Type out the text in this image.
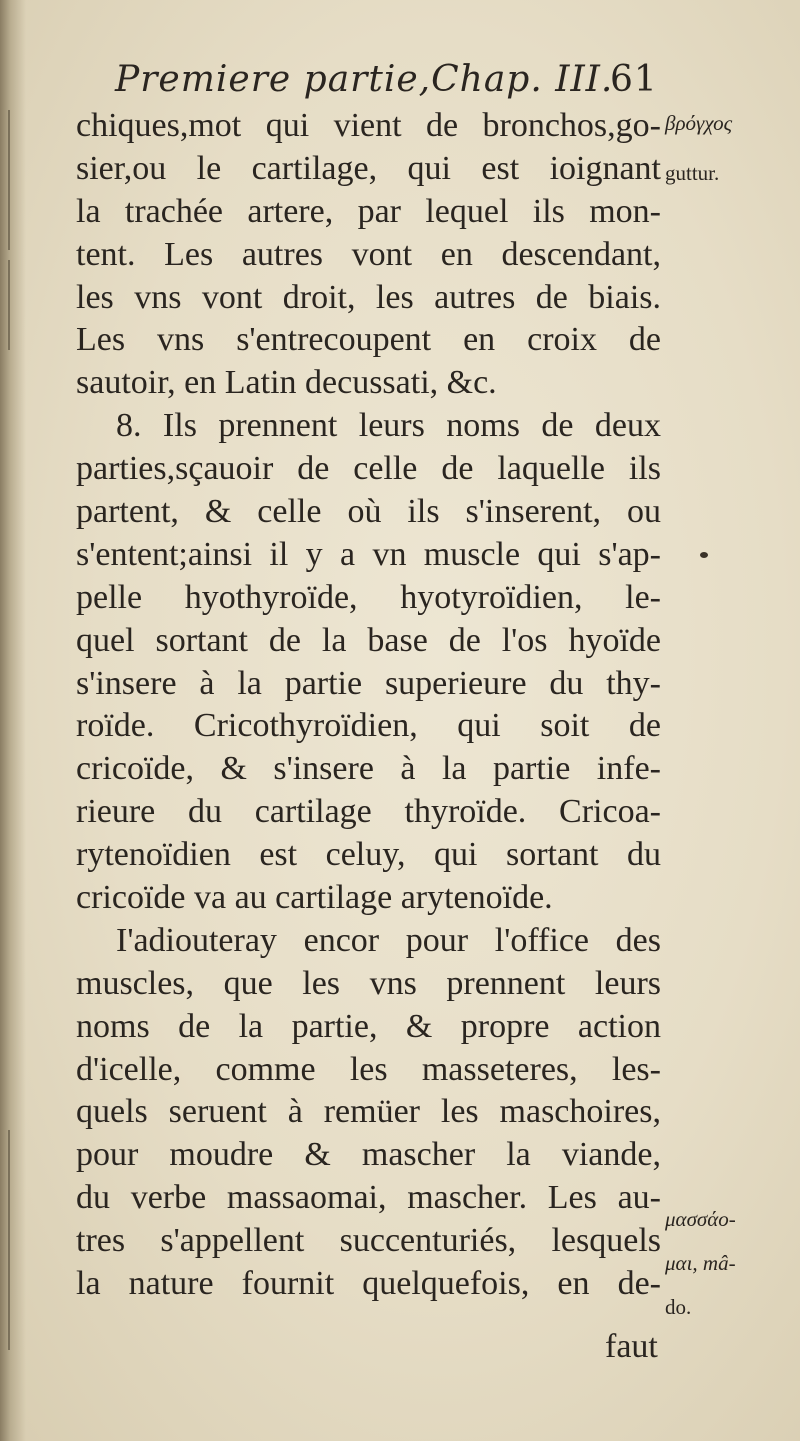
Premiere partie,Chap. III.
61
chiques,mot qui vient de bronchos,go-
sier,ou le cartilage, qui est ioignant
la trachée artere, par lequel ils mon-
tent. Les autres vont en descendant,
les vns vont droit, les autres de biais.
Les vns s'entrecoupent en croix de
sautoir, en Latin decussati, &c.
8. Ils prennent leurs noms de deux
parties,sçauoir de celle de laquelle ils
partent, & celle où ils s'inserent, ou
s'entent;ainsi il y a vn muscle qui s'ap-
pelle hyothyroïde, hyotyroïdien, le-
quel sortant de la base de l'os hyoïde
s'insere à la partie superieure du thy-
roïde. Cricothyroïdien, qui soit de
cricoïde, & s'insere à la partie infe-
rieure du cartilage thyroïde. Cricoa-
rytenoïdien est celuy, qui sortant du
cricoïde va au cartilage arytenoïde.
I'adiouteray encor pour l'office des
muscles, que les vns prennent leurs
noms de la partie, & propre action
d'icelle, comme les masseteres, les-
quels seruent à remüer les maschoires,
pour moudre & mascher la viande,
du verbe massaomai, mascher. Les au-
tres s'appellent succenturiés, lesquels
la nature fournit quelquefois, en de-
faut
βρόγχος
guttur.
μασσάο-
μαι, mâ-
do.
